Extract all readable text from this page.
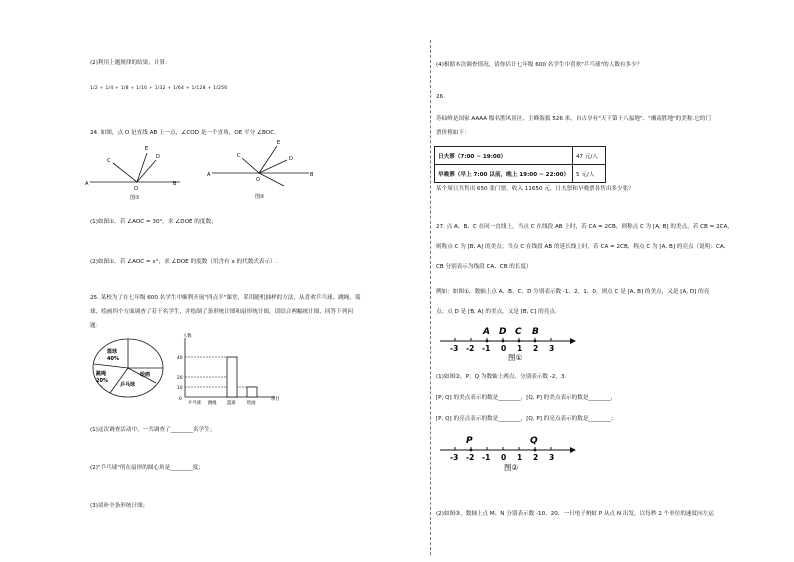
(2)利用上题规律的结果，计算：
1/2 + 1/4 + 1/8 + 1/16 + 1/32 + 1/64 + 1/128 + 1/256
24. 如图，点 O 是直线 AB 上一点，∠COD 是一个直角，OE 平分 ∠BOC.
A	B
O
C
E
D
图①
A	B
O
C
E
D
图②
(1)如图①，若 ∠AOC = 30°，求 ∠DOE 的度数；
(2)如图①，若 ∠AOC = x°，求 ∠DOE 的度数（用含有 x 的代数式表示）.
25. 某校为了在七年级 600 名学生中顺利开展"四点半"课堂，采用随机抽样的方法，从喜欢乒乓球、跳绳、篮
球、绘画四个方面调查了若干名学生，并绘制了条形统计图和扇形统计图，请结合两幅统计图，回答下列问
题：
篮球
40%
绘画
跳绳
20%
乒乓球
人数
40
20
10
0
乒乓球 跳绳 篮球	绘画
项目
(1)这次调查活动中，一共调查了________名学生；
(2)"乒乓球"所在扇形的圆心角是________度；
(3)请补全条形统计图；
(4)根据本次调查情况，请你估计七年级 600 名学生中喜欢"乒乓球"的人数有多少？
26.
苏仙岭是国家 AAAA 级名胜风景区，主峰海拔 526 米，自古享有"天下第十八福地"、"湘南胜地"的美称.它的门
票价格如下：
日夫票（7:00 ~ 19:00）	47 元/人
早晚票（早上 7:00 以前，晚上 19:00 ~ 22:00）	5 元/人
某个周日共售出 650 张门票，收入 11650 元，日夫票和早晚票各售出多少张？
27. 点 A、B、C 在同一直线上，当点 C 在线段 AB 上时，若 CA = 2CB，则称点 C 为 [A, B] 的美点，若 CB = 2CA，
则称点 C 为 [B, A] 的美点；当点 C 在线段 AB 的延长线上时，若 CA = 2CB，称点 C 为 [A, B] 的亮点（说明：CA、
CB 分别表示为线段 CA、CB 的长度）
例如：如图①，数轴上点 A、B、C、D 分别表示数 -1、2、1、0，则点 C 是 [A, B] 的美点，又是 [A, D] 的亮
点；点 D 是 [B, A] 的美点，又是 [B, C] 的亮点.
A D C B
-3 -2 -1 0 1 2 3
图①
(1)如图②，P、Q 为数轴上两点，分别表示数 -2，3.
[P, Q] 的美点表示的数是________，[Q, P] 的美点表示的数是________，
[P, Q] 的亮点表示的数是________，[Q, P] 的亮点表示的数是________；
P	Q
-3 -2 -1 0 1 2 3
图②
(2)如图③，数轴上点 M、N 分别表示数 -10、20，一只电子蚂蚁 P 从点 N 出发，以每秒 2 个单位的速度向左运
